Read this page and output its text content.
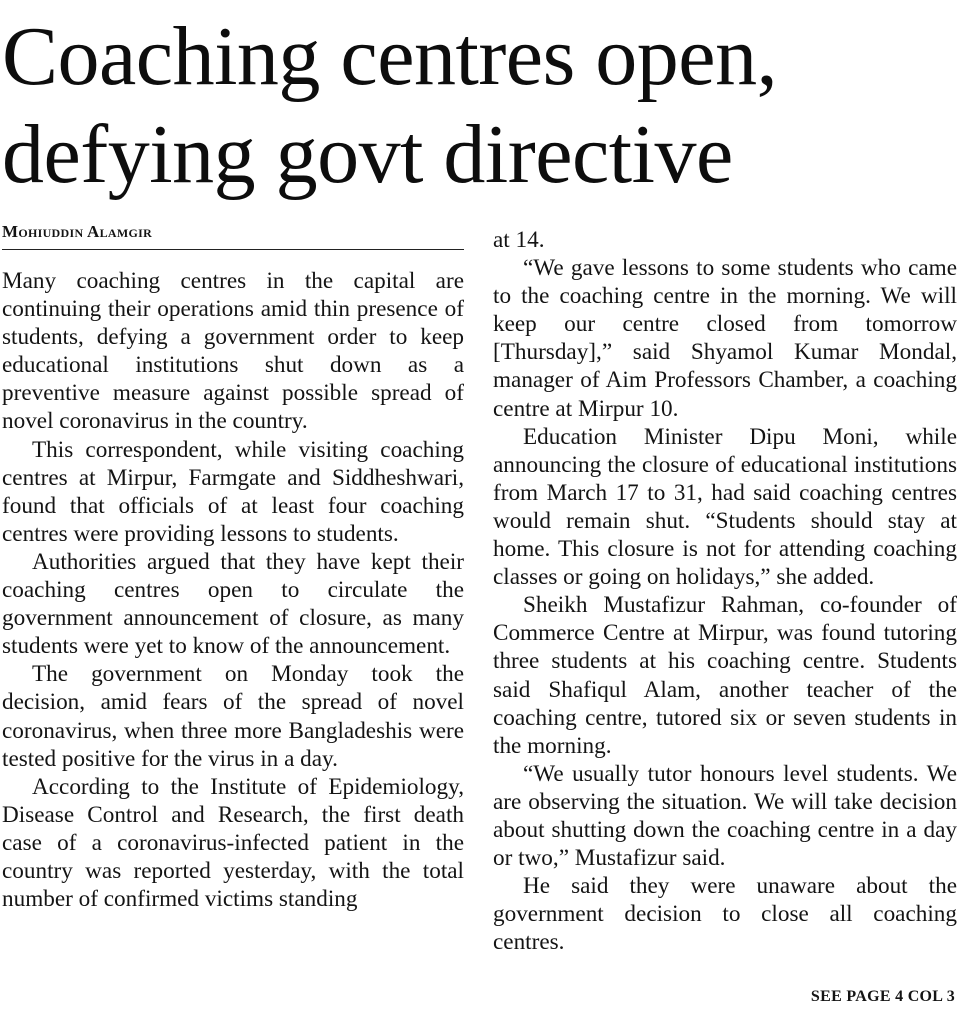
Coaching centres open,
defying govt directive
Mohiuddin Alamgir

Many coaching centres in the capital are continuing their operations amid thin presence of students, defying a government order to keep educational institutions shut down as a preventive measure against possible spread of novel coronavirus in the country.

This correspondent, while visiting coaching centres at Mirpur, Farmgate and Siddheshwari, found that officials of at least four coaching centres were providing lessons to students.

Authorities argued that they have kept their coaching centres open to circulate the government announcement of closure, as many students were yet to know of the announcement.

The government on Monday took the decision, amid fears of the spread of novel coronavirus, when three more Bangladeshis were tested positive for the virus in a day.

According to the Institute of Epidemiology, Disease Control and Research, the first death case of a coronavirus-infected patient in the country was reported yesterday, with the total number of confirmed victims standing

at 14.

“We gave lessons to some students who came to the coaching centre in the morning. We will keep our centre closed from tomorrow [Thursday],” said Shyamol Kumar Mondal, manager of Aim Professors Chamber, a coaching centre at Mirpur 10.

Education Minister Dipu Moni, while announcing the closure of educational institutions from March 17 to 31, had said coaching centres would remain shut. “Students should stay at home. This closure is not for attending coaching classes or going on holidays,” she added.

Sheikh Mustafizur Rahman, co-founder of Commerce Centre at Mirpur, was found tutoring three students at his coaching centre. Students said Shafiqul Alam, another teacher of the coaching centre, tutored six or seven students in the morning.

“We usually tutor honours level students. We are observing the situation. We will take decision about shutting down the coaching centre in a day or two,” Mustafizur said.

He said they were unaware about the government decision to close all coaching centres.

SEE PAGE 4 COL 3
